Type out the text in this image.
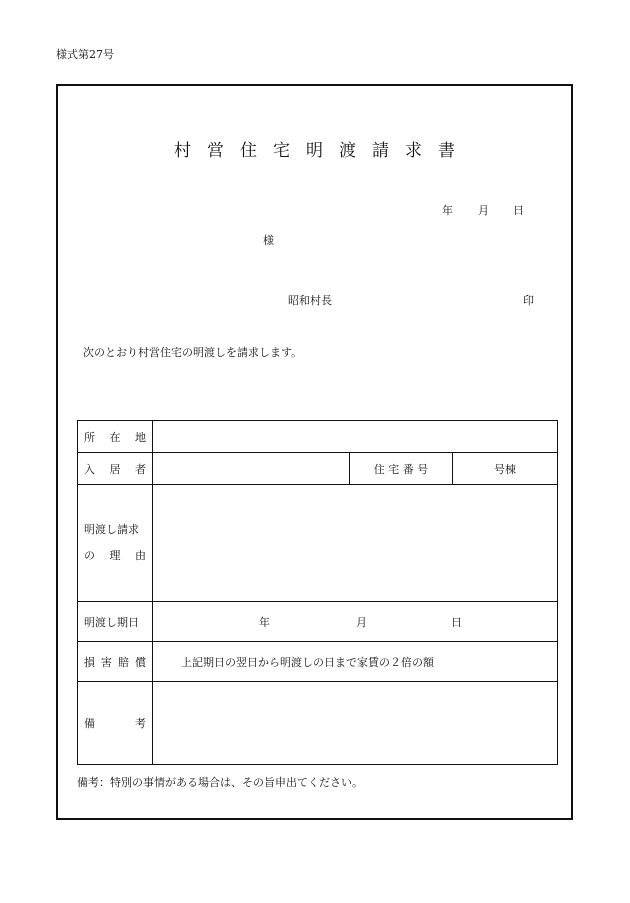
様式第27号
村営住宅明渡請求書
年 月 日
様
昭和村長	印
次のとおり村営住宅の明渡しを請求します。
所 在 地			

入 居 者		住 宅 番 号	号棟

明渡し請求
の 理 由			

明渡し期日	年 月 日		

損 害 賠 償	上記期日の翌日から明渡しの日まで家賃の２倍の額		

備 考			

備考：特別の事情がある場合は、その旨申出てください。
